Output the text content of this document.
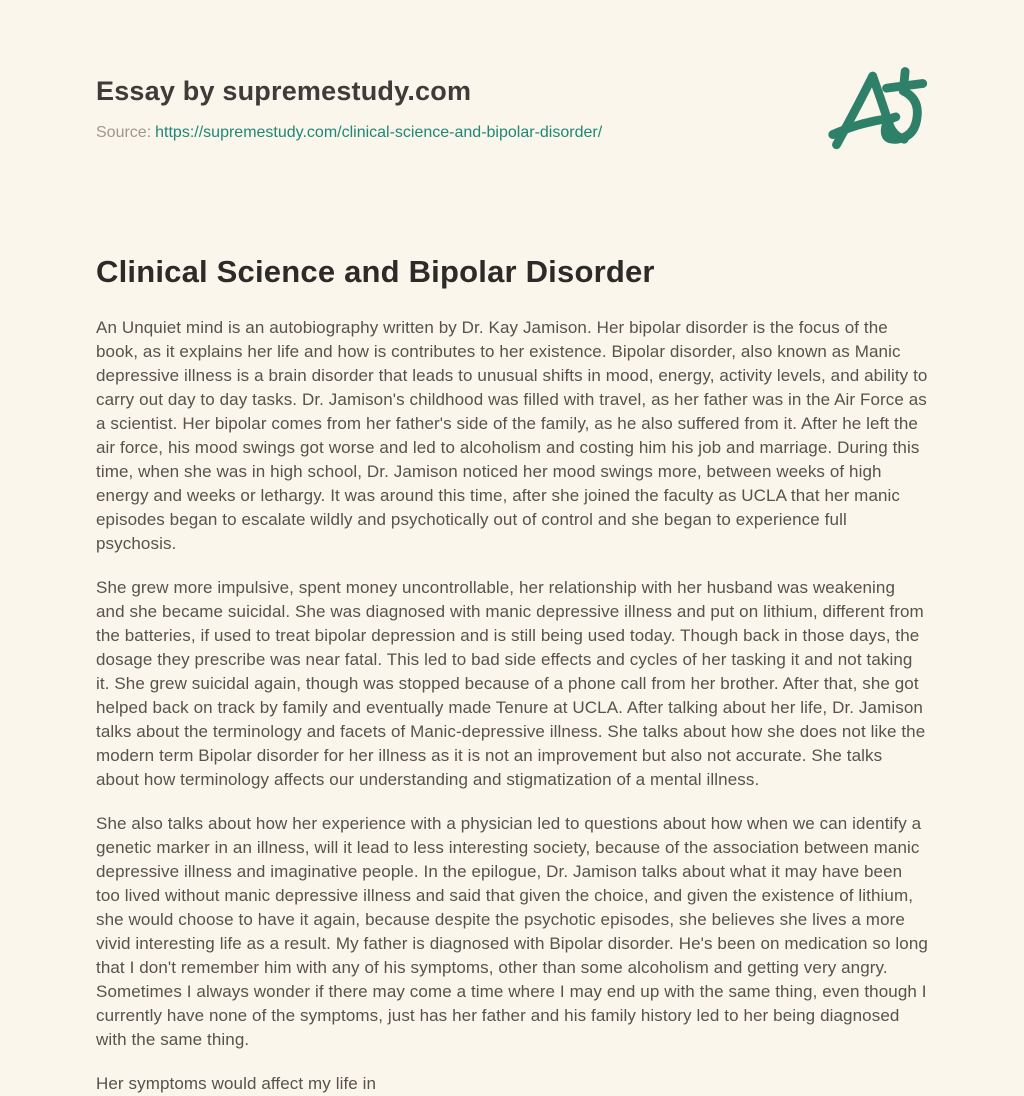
Essay by supremestudy.com
Source: https://supremestudy.com/clinical-science-and-bipolar-disorder/
Clinical Science and Bipolar Disorder

An Unquiet mind is an autobiography written by Dr. Kay Jamison. Her bipolar disorder is the focus of the book, as it explains her life and how is contributes to her existence. Bipolar disorder, also known as Manic depressive illness is a brain disorder that leads to unusual shifts in mood, energy, activity levels, and ability to carry out day to day tasks. Dr. Jamison's childhood was filled with travel, as her father was in the Air Force as a scientist. Her bipolar comes from her father's side of the family, as he also suffered from it. After he left the air force, his mood swings got worse and led to alcoholism and costing him his job and marriage. During this time, when she was in high school, Dr. Jamison noticed her mood swings more, between weeks of high energy and weeks or lethargy. It was around this time, after she joined the faculty as UCLA that her manic episodes began to escalate wildly and psychotically out of control and she began to experience full psychosis.

She grew more impulsive, spent money uncontrollable, her relationship with her husband was weakening and she became suicidal. She was diagnosed with manic depressive illness and put on lithium, different from the batteries, if used to treat bipolar depression and is still being used today. Though back in those days, the dosage they prescribe was near fatal. This led to bad side effects and cycles of her tasking it and not taking it. She grew suicidal again, though was stopped because of a phone call from her brother. After that, she got helped back on track by family and eventually made Tenure at UCLA. After talking about her life, Dr. Jamison talks about the terminology and facets of Manic-depressive illness. She talks about how she does not like the modern term Bipolar disorder for her illness as it is not an improvement but also not accurate. She talks about how terminology affects our understanding and stigmatization of a mental illness.

She also talks about how her experience with a physician led to questions about how when we can identify a genetic marker in an illness, will it lead to less interesting society, because of the association between manic depressive illness and imaginative people. In the epilogue, Dr. Jamison talks about what it may have been too lived without manic depressive illness and said that given the choice, and given the existence of lithium, she would choose to have it again, because despite the psychotic episodes, she believes she lives a more vivid interesting life as a result. My father is diagnosed with Bipolar disorder. He's been on medication so long that I don't remember him with any of his symptoms, other than some alcoholism and getting very angry. Sometimes I always wonder if there may come a time where I may end up with the same thing, even though I currently have none of the symptoms, just has her father and his family history led to her being diagnosed with the same thing.

Her symptoms would affect my life in
